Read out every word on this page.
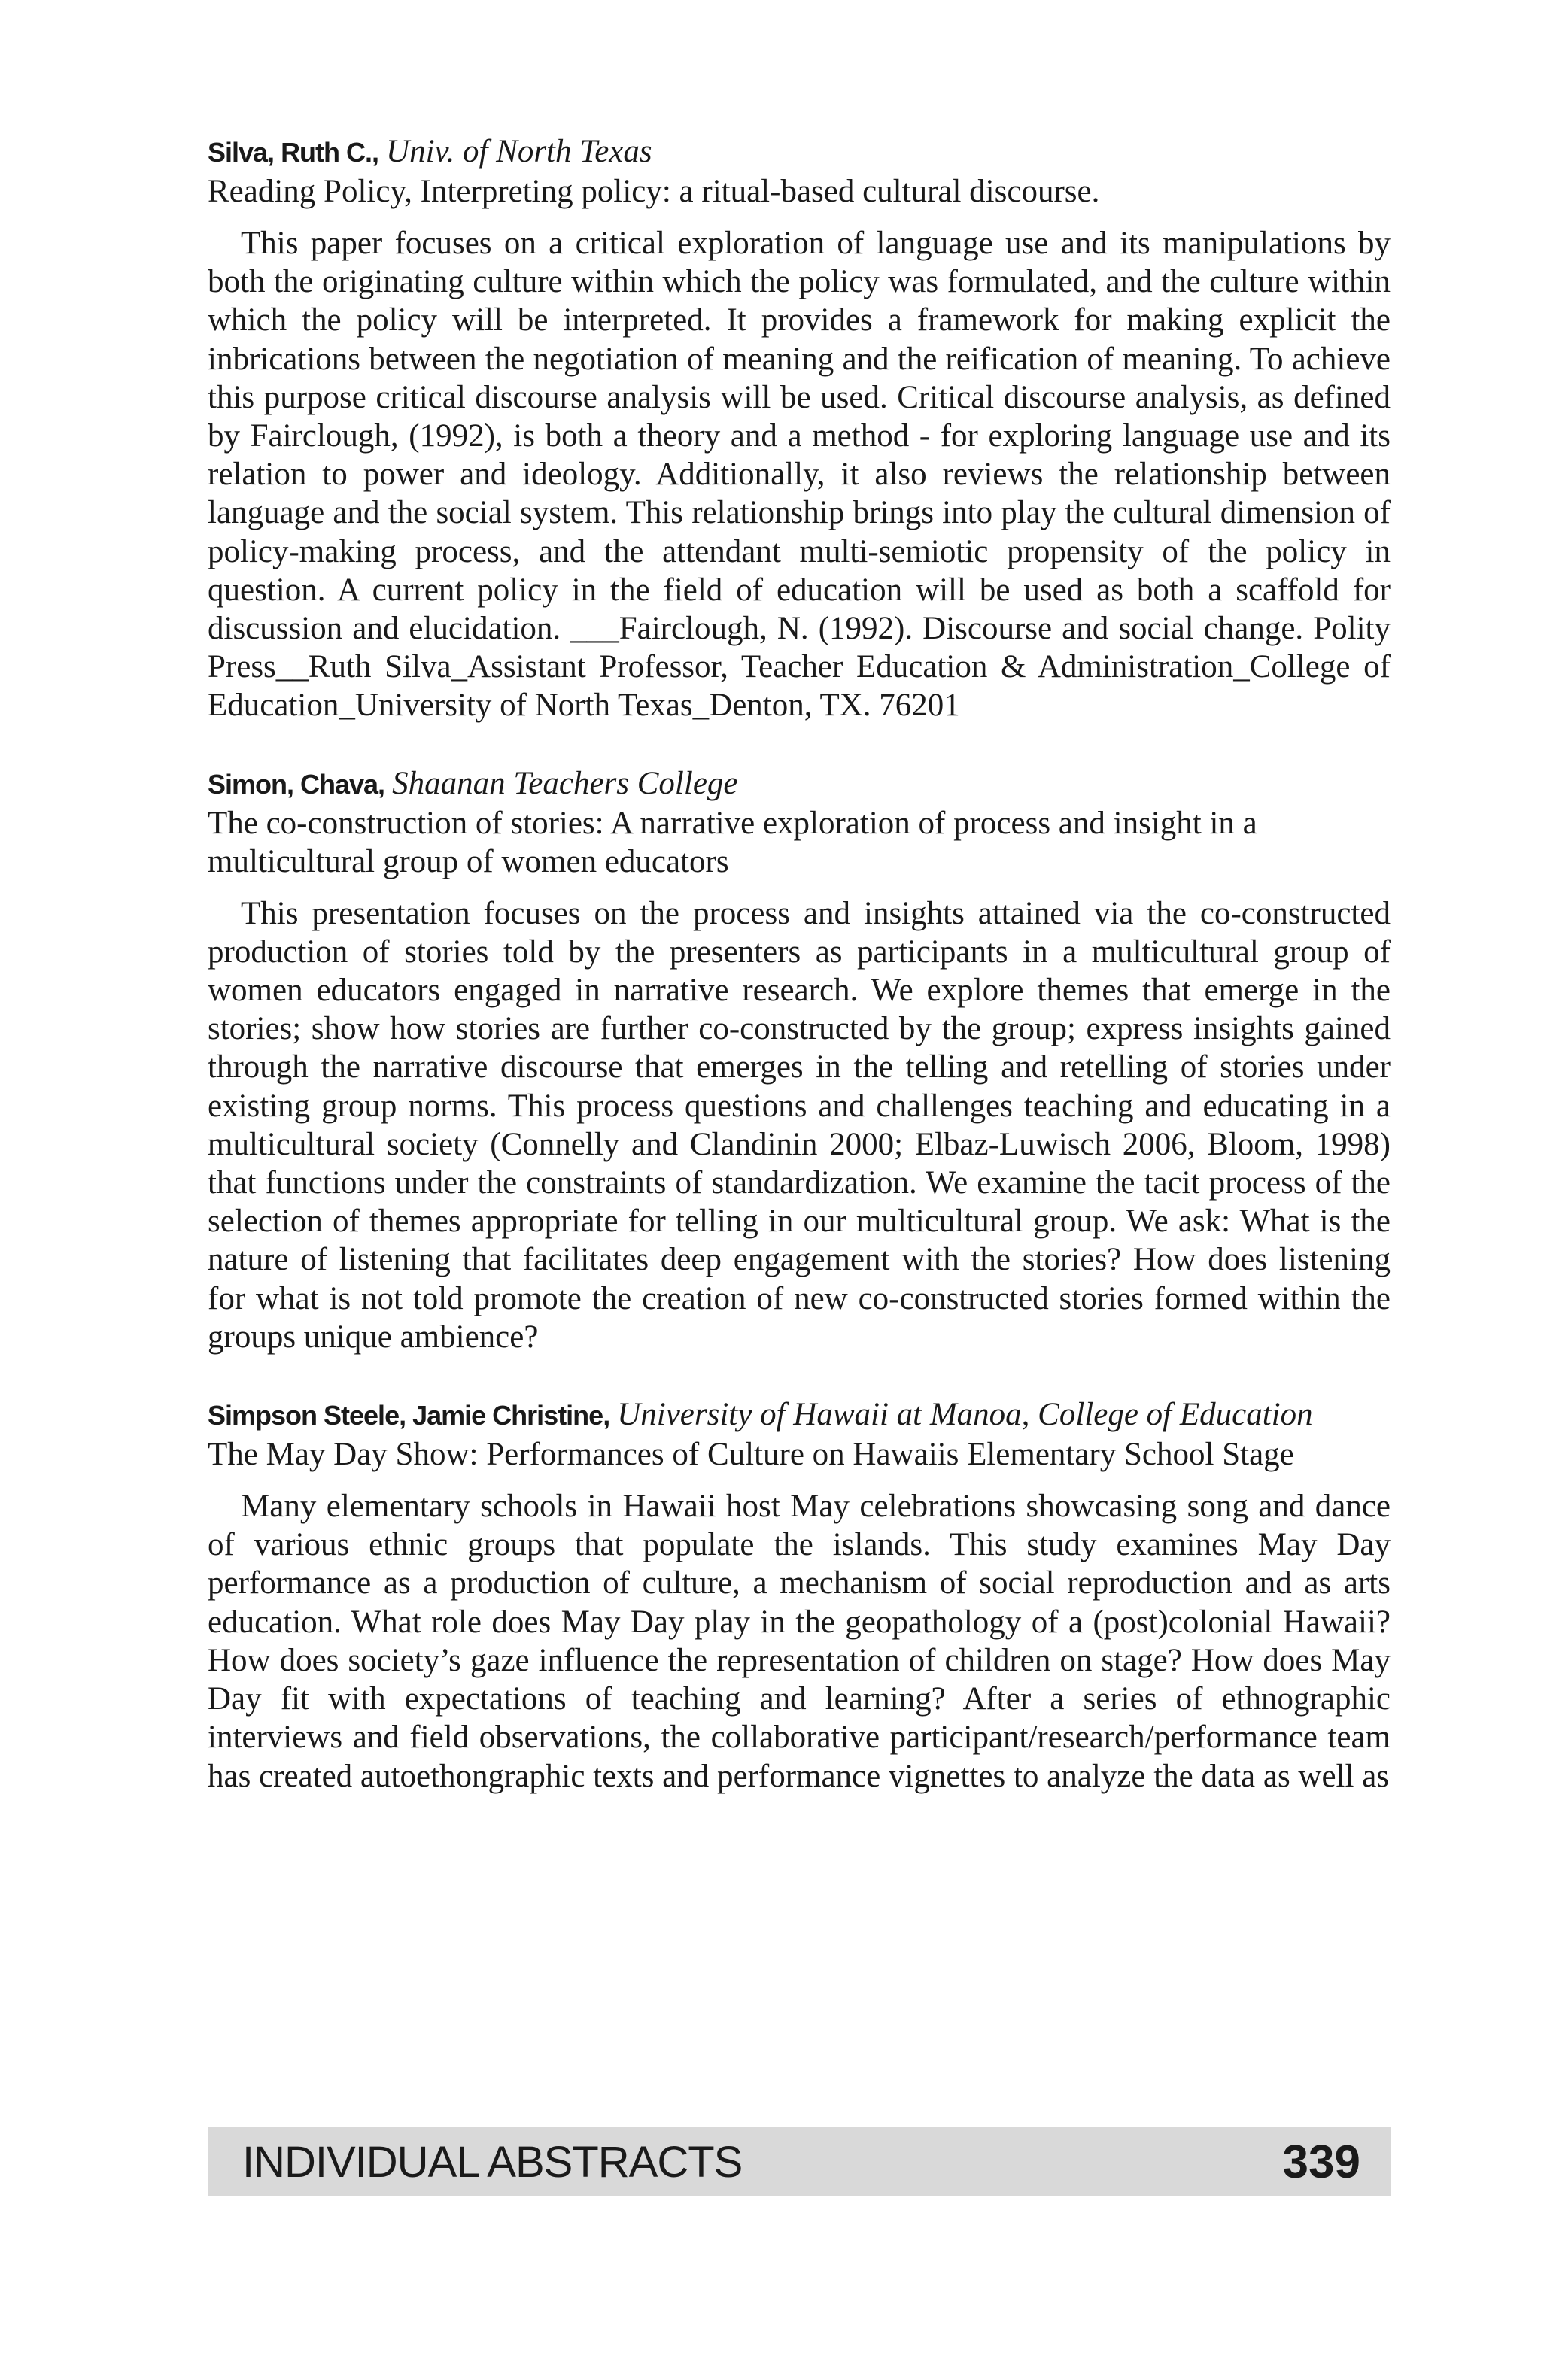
Silva, Ruth C., Univ. of North Texas

Reading Policy, Interpreting policy: a ritual-based cultural discourse.

This paper focuses on a critical exploration of language use and its manipulations by both the originating culture within which the policy was formulated, and the culture within which the policy will be interpreted. It provides a framework for making explicit the inbrications between the negotiation of meaning and the reification of meaning. To achieve this purpose critical discourse analysis will be used. Critical discourse analysis, as defined by Fairclough, (1992), is both a theory and a method - for exploring language use and its relation to power and ideology. Additionally, it also reviews the relationship between language and the social system. This relationship brings into play the cultural dimension of policy-making process, and the attendant multi-semiotic propensity of the policy in question. A current policy in the field of education will be used as both a scaffold for discussion and elucidation. ___Fairclough, N. (1992). Discourse and social change. Polity Press__Ruth Silva_Assistant Professor, Teacher Education & Administration_College of Education_University of North Texas_Denton, TX. 76201

Simon, Chava, Shaanan Teachers College

The co-construction of stories: A narrative exploration of process and insight in a multicultural group of women educators

This presentation focuses on the process and insights attained via the co-constructed production of stories told by the presenters as participants in a multicultural group of women educators engaged in narrative research. We explore themes that emerge in the stories; show how stories are further co-constructed by the group; express insights gained through the narrative discourse that emerges in the telling and retelling of stories under existing group norms. This process questions and challenges teaching and educating in a multicultural society (Connelly and Clandinin 2000; Elbaz-Luwisch 2006, Bloom, 1998) that functions under the constraints of standardization. We examine the tacit process of the selection of themes appropriate for telling in our multicultural group. We ask: What is the nature of listening that facilitates deep engagement with the stories? How does listening for what is not told promote the creation of new co-constructed stories formed within the groups unique ambience?

Simpson Steele, Jamie Christine, University of Hawaii at Manoa, College of Education

The May Day Show: Performances of Culture on Hawaiis Elementary School Stage

Many elementary schools in Hawaii host May celebrations showcasing song and dance of various ethnic groups that populate the islands. This study examines May Day performance as a production of culture, a mechanism of social reproduction and as arts education. What role does May Day play in the geopathology of a (post)colonial Hawaii? How does society’s gaze influence the representation of children on stage? How does May Day fit with expectations of teaching and learning? After a series of ethnographic interviews and field observations, the collaborative participant/research/performance team has created autoethongraphic texts and performance vignettes to analyze the data as well as

INDIVIDUAL ABSTRACTS	339
